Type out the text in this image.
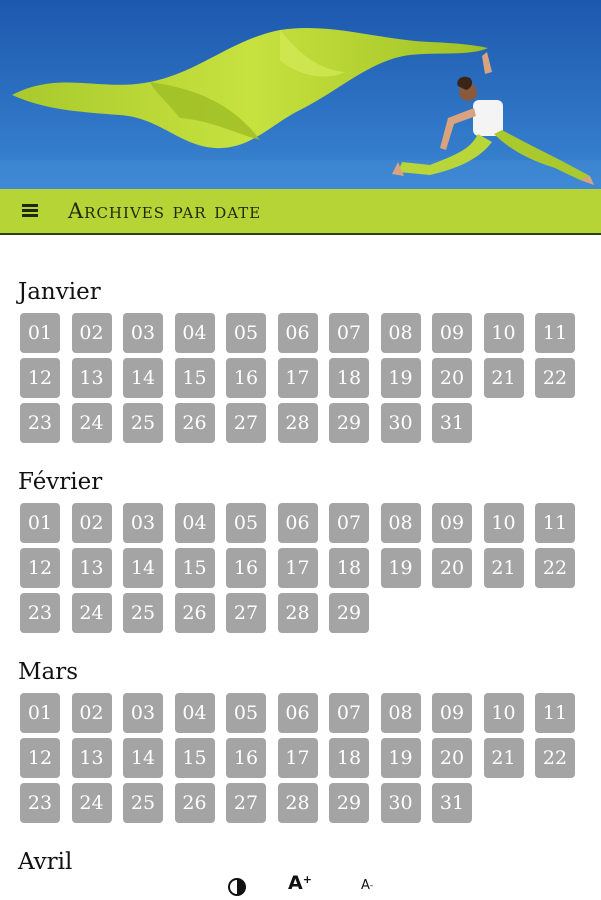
Archives par date
Janvier
01	02	03	04	05	06	07	08	09	10	11
12	13	14	15	16	17	18	19	20	21	22
23	24	25	26	27	28	29	30	31
Février
01	02	03	04	05	06	07	08	09	10	11
12	13	14	15	16	17	18	19	20	21	22
23	24	25	26	27	28	29
Mars
01	02	03	04	05	06	07	08	09	10	11
12	13	14	15	16	17	18	19	20	21	22
23	24	25	26	27	28	29	30	31
Avril
A+	$A_-$
